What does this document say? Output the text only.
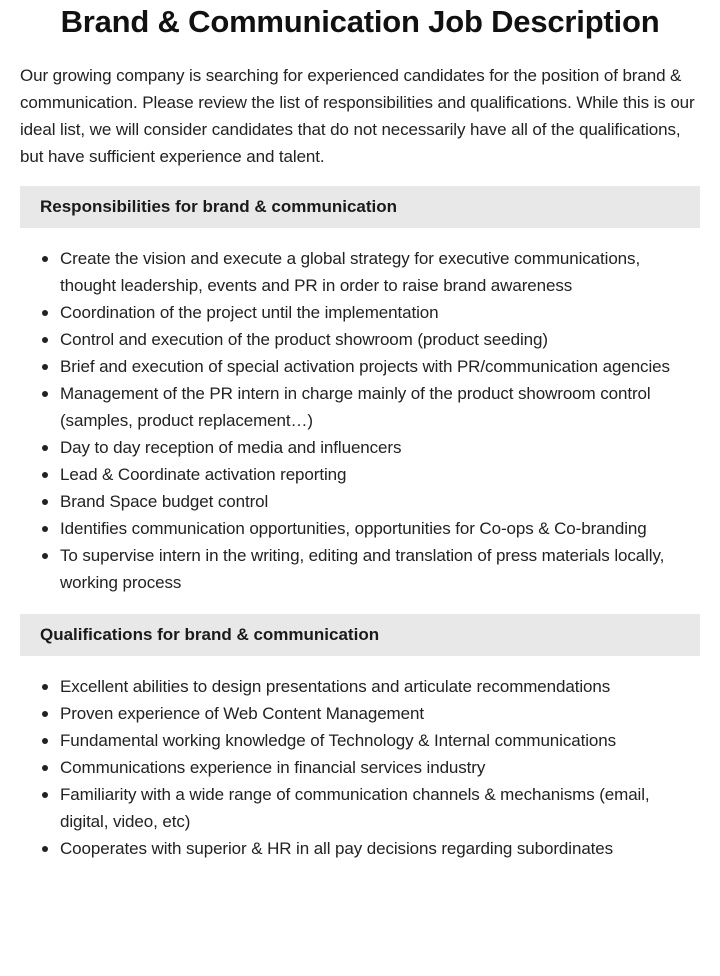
Brand & Communication Job Description

Our growing company is searching for experienced candidates for the position of brand & communication. Please review the list of responsibilities and qualifications. While this is our ideal list, we will consider candidates that do not necessarily have all of the qualifications, but have sufficient experience and talent.

Responsibilities for brand & communication
Create the vision and execute a global strategy for executive communications, thought leadership, events and PR in order to raise brand awareness
Coordination of the project until the implementation
Control and execution of the product showroom (product seeding)
Brief and execution of special activation projects with PR/communication agencies
Management of the PR intern in charge mainly of the product showroom control (samples, product replacement…)
Day to day reception of media and influencers
Lead & Coordinate activation reporting
Brand Space budget control
Identifies communication opportunities, opportunities for Co-ops & Co-branding
To supervise intern in the writing, editing and translation of press materials locally, working process
Qualifications for brand & communication
Excellent abilities to design presentations and articulate recommendations
Proven experience of Web Content Management
Fundamental working knowledge of Technology & Internal communications
Communications experience in financial services industry
Familiarity with a wide range of communication channels & mechanisms (email, digital, video, etc)
Cooperates with superior & HR in all pay decisions regarding subordinates
